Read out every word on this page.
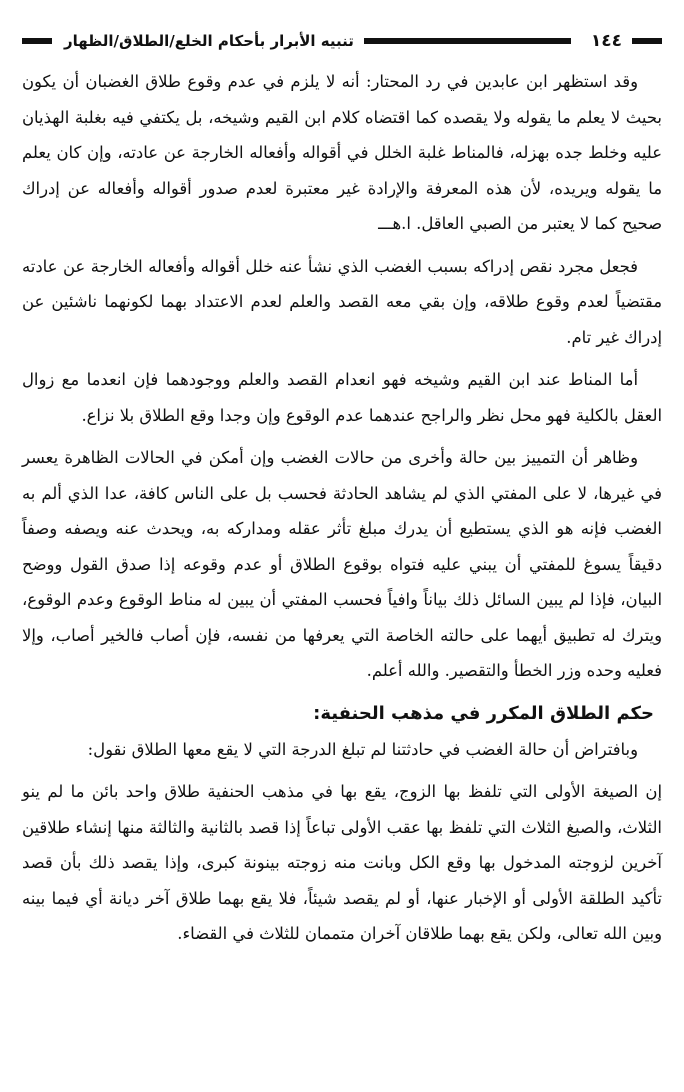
١٤٤
تنبيه الأبرار بأحكام الخلع/الطلاق/الظهار

وقد استظهر ابن عابدين في رد المحتار: أنه لا يلزم في عدم وقوع طلاق الغضبان أن يكون بحيث لا يعلم ما يقوله ولا يقصده كما اقتضاه كلام ابن القيم وشيخه، بل يكتفي فيه بغلبة الهذيان عليه وخلط جده بهزله، فالمناط غلبة الخلل في أقواله وأفعاله الخارجة عن عادته، وإن كان يعلم ما يقوله ويريده، لأن هذه المعرفة والإرادة غير معتبرة لعدم صدور أقواله وأفعاله عن إدراك صحيح كما لا يعتبر من الصبي العاقل. ا.هـــ

فجعل مجرد نقص إدراكه بسبب الغضب الذي نشأ عنه خلل أقواله وأفعاله الخارجة عن عادته مقتضياً لعدم وقوع طلاقه، وإن بقي معه القصد والعلم لعدم الاعتداد بهما لكونهما ناشئين عن إدراك غير تام.

أما المناط عند ابن القيم وشيخه فهو انعدام القصد والعلم ووجودهما فإن انعدما مع زوال العقل بالكلية فهو محل نظر والراجح عندهما عدم الوقوع وإن وجدا وقع الطلاق بلا نزاع.

وظاهر أن التمييز بين حالة وأخرى من حالات الغضب وإن أمكن في الحالات الظاهرة يعسر في غيرها، لا على المفتي الذي لم يشاهد الحادثة فحسب بل على الناس كافة، عدا الذي ألم به الغضب فإنه هو الذي يستطيع أن يدرك مبلغ تأثر عقله ومداركه به، ويحدث عنه ويصفه وصفاً دقيقاً يسوغ للمفتي أن يبني عليه فتواه بوقوع الطلاق أو عدم وقوعه إذا صدق القول ووضح البيان، فإذا لم يبين السائل ذلك بياناً وافياً فحسب المفتي أن يبين له مناط الوقوع وعدم الوقوع، ويترك له تطبيق أيهما على حالته الخاصة التي يعرفها من نفسه، فإن أصاب فالخير أصاب، وإلا فعليه وحده وزر الخطأ والتقصير. والله أعلم.

حكم الطلاق المكرر في مذهب الحنفية:

وبافتراض أن حالة الغضب في حادثتنا لم تبلغ الدرجة التي لا يقع معها الطلاق نقول:

إن الصيغة الأولى التي تلفظ بها الزوج، يقع بها في مذهب الحنفية طلاق واحد بائن ما لم ينو الثلاث، والصيغ الثلاث التي تلفظ بها عقب الأولى تباعاً إذا قصد بالثانية والثالثة منها إنشاء طلاقين آخرين لزوجته المدخول بها وقع الكل وبانت منه زوجته بينونة كبرى، وإذا يقصد ذلك بأن قصد تأكيد الطلقة الأولى أو الإخبار عنها، أو لم يقصد شيئاً، فلا يقع بهما طلاق آخر ديانة أي فيما بينه وبين الله تعالى، ولكن يقع بهما طلاقان آخران متممان للثلاث في القضاء.
